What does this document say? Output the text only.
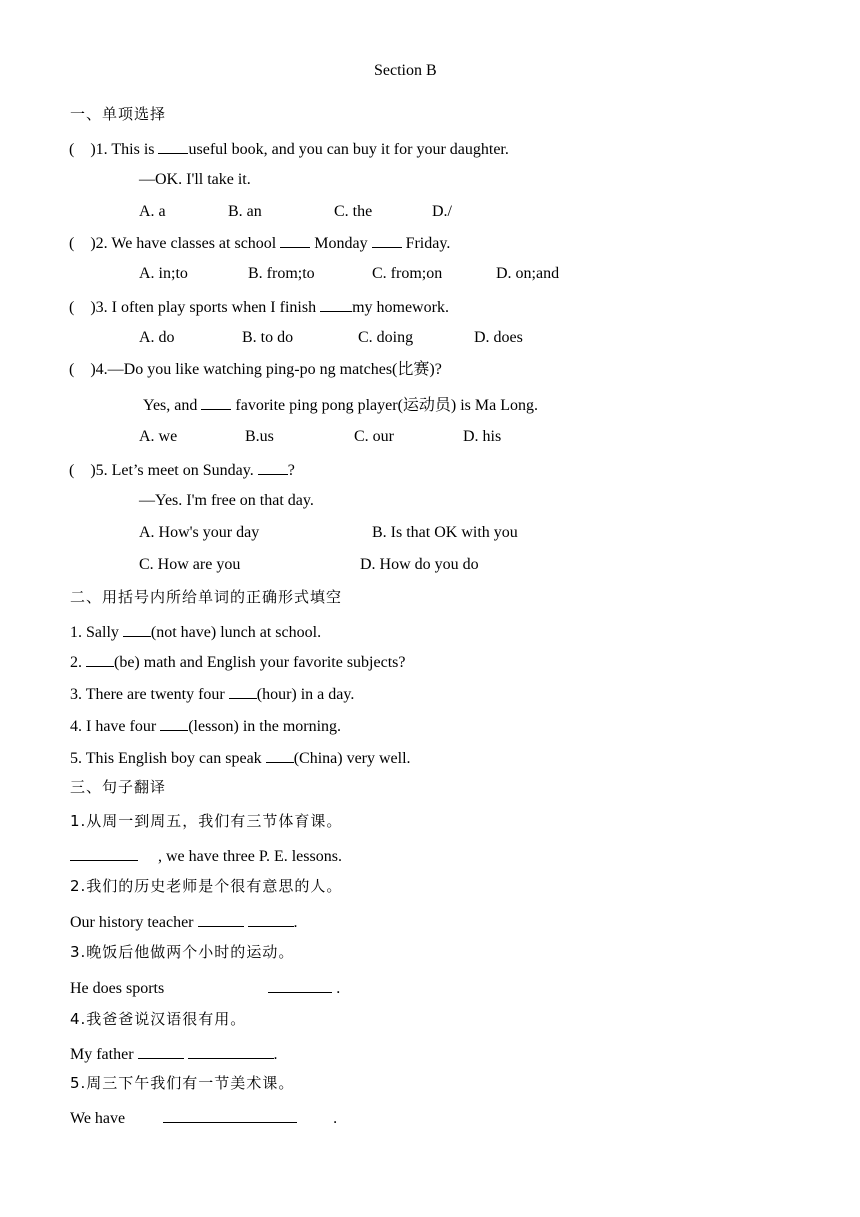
Section B
一、单项选择
( )1. This is useful book, and you can buy it for your daughter.
—OK. I'll take it.
A. a	B. an	C. the	D./
( )2. We have classes at school  Monday  Friday.
A. in;to	B. from;to	C. from;on	D. on;and
( )3. I often play sports when I finish my homework.
A. do	B. to do	C. doing	D. does
( )4.—Do you like watching ping-po ng matches(比赛)?
Yes, and  favorite ping pong player(运动员) is Ma Long.
A. we	B.us	C. our	D. his
( )5. Let’s meet on Sunday. ?
—Yes. I'm free on that day.
A. How's your day	B. Is that OK with you
C. How are you	D. How do you do
二、用括号内所给单词的正确形式填空
1. Sally (not have) lunch at school.
2. (be) math and English your favorite subjects?
3. There are twenty four (hour) in a day.
4. I have four (lesson) in the morning.
5. This English boy can speak (China) very well.
三、句子翻译
1.从周一到周五，我们有三节体育课。
, we have three P. E. lessons.
2.我们的历史老师是个很有意思的人。
Our history teacher	.
3.晚饭后他做两个小时的运动。
He does sports	.
4.我爸爸说汉语很有用。
My father	.
5.周三下午我们有一节美术课。
We have	.
